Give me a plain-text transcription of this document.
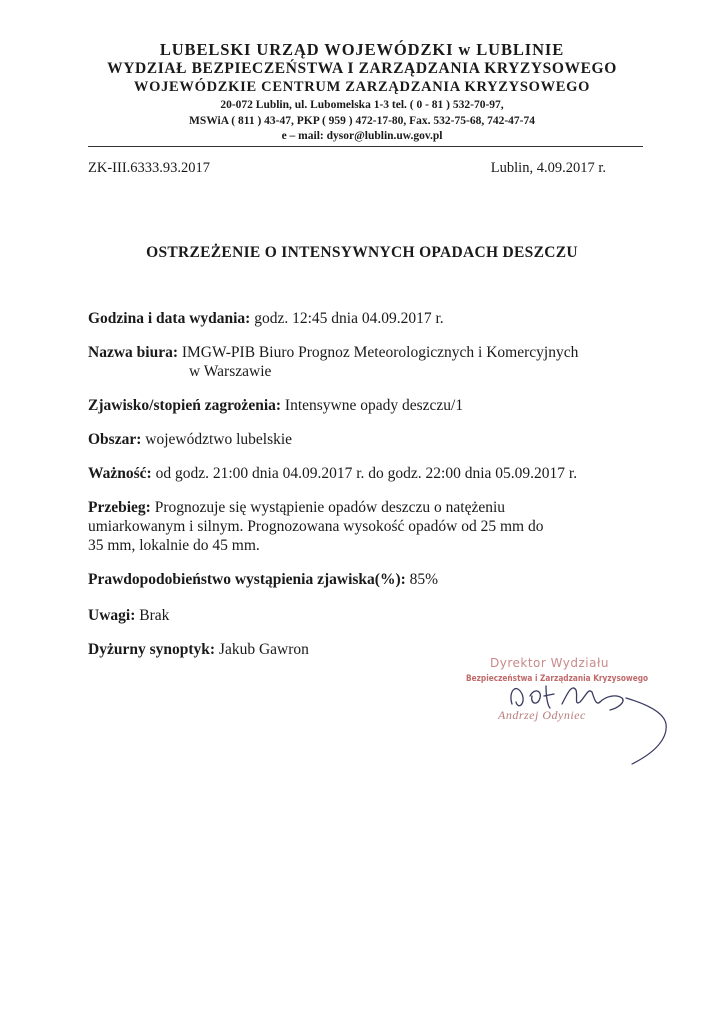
LUBELSKI URZĄD WOJEWÓDZKI w LUBLINIE
WYDZIAŁ BEZPIECZEŃSTWA I ZARZĄDZANIA KRYZYSOWEGO
WOJEWÓDZKIE CENTRUM ZARZĄDZANIA KRYZYSOWEGO
20-072 Lublin, ul. Lubomelska 1-3 tel. ( 0 - 81 ) 532-70-97,
MSWiA ( 811 ) 43-47, PKP ( 959 ) 472-17-80, Fax. 532-75-68, 742-47-74
e – mail: dysor@lublin.uw.gov.pl
ZK-III.6333.93.2017	Lublin, 4.09.2017 r.
OSTRZEŻENIE O INTENSYWNYCH OPADACH DESZCZU
Godzina i data wydania: godz. 12:45 dnia 04.09.2017 r.
Nazwa biura: IMGW-PIB Biuro Prognoz Meteorologicznych i Komercyjnych
w Warszawie
Zjawisko/stopień zagrożenia: Intensywne opady deszczu/1
Obszar: województwo lubelskie
Ważność: od godz. 21:00 dnia 04.09.2017 r. do godz. 22:00 dnia 05.09.2017 r.
Przebieg: Prognozuje się wystąpienie opadów deszczu o natężeniu umiarkowanym i silnym. Prognozowana wysokość opadów od 25 mm do 35 mm, lokalnie do 45 mm.
Prawdopodobieństwo wystąpienia zjawiska(%): 85%
Uwagi: Brak
Dyżurny synoptyk: Jakub Gawron
Dyrektor Wydziału
Bezpieczeństwa i Zarządzania Kryzysowego
Andrzej Odyniec
